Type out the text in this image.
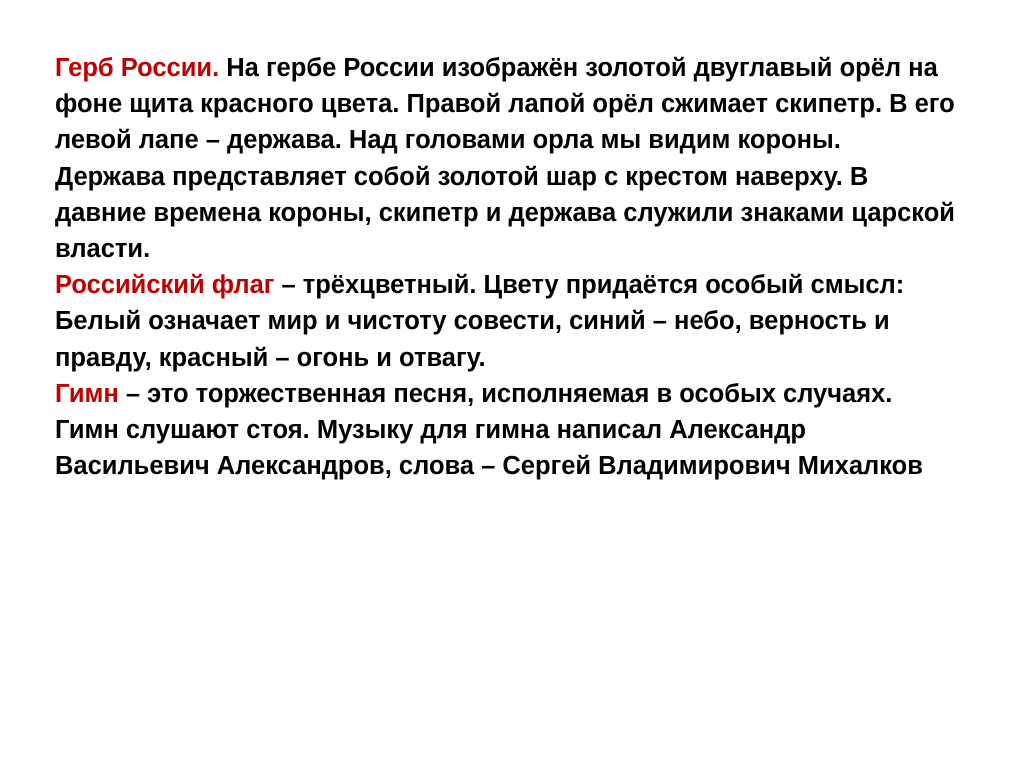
Герб России. На гербе России изображён золотой двуглавый орёл на фоне щита красного цвета. Правой лапой орёл сжимает скипетр. В его левой лапе – держава. Над головами орла мы видим короны. Держава представляет собой золотой шар с крестом наверху. В давние времена короны, скипетр и держава служили знаками царской власти.

Российский флаг – трёхцветный. Цвету придаётся особый смысл: Белый означает мир и чистоту совести, синий – небо, верность и правду, красный – огонь и отвагу.

Гимн – это торжественная песня, исполняемая в особых случаях. Гимн слушают стоя. Музыку для гимна написал Александр Васильевич Александров, слова – Сергей Владимирович Михалков
